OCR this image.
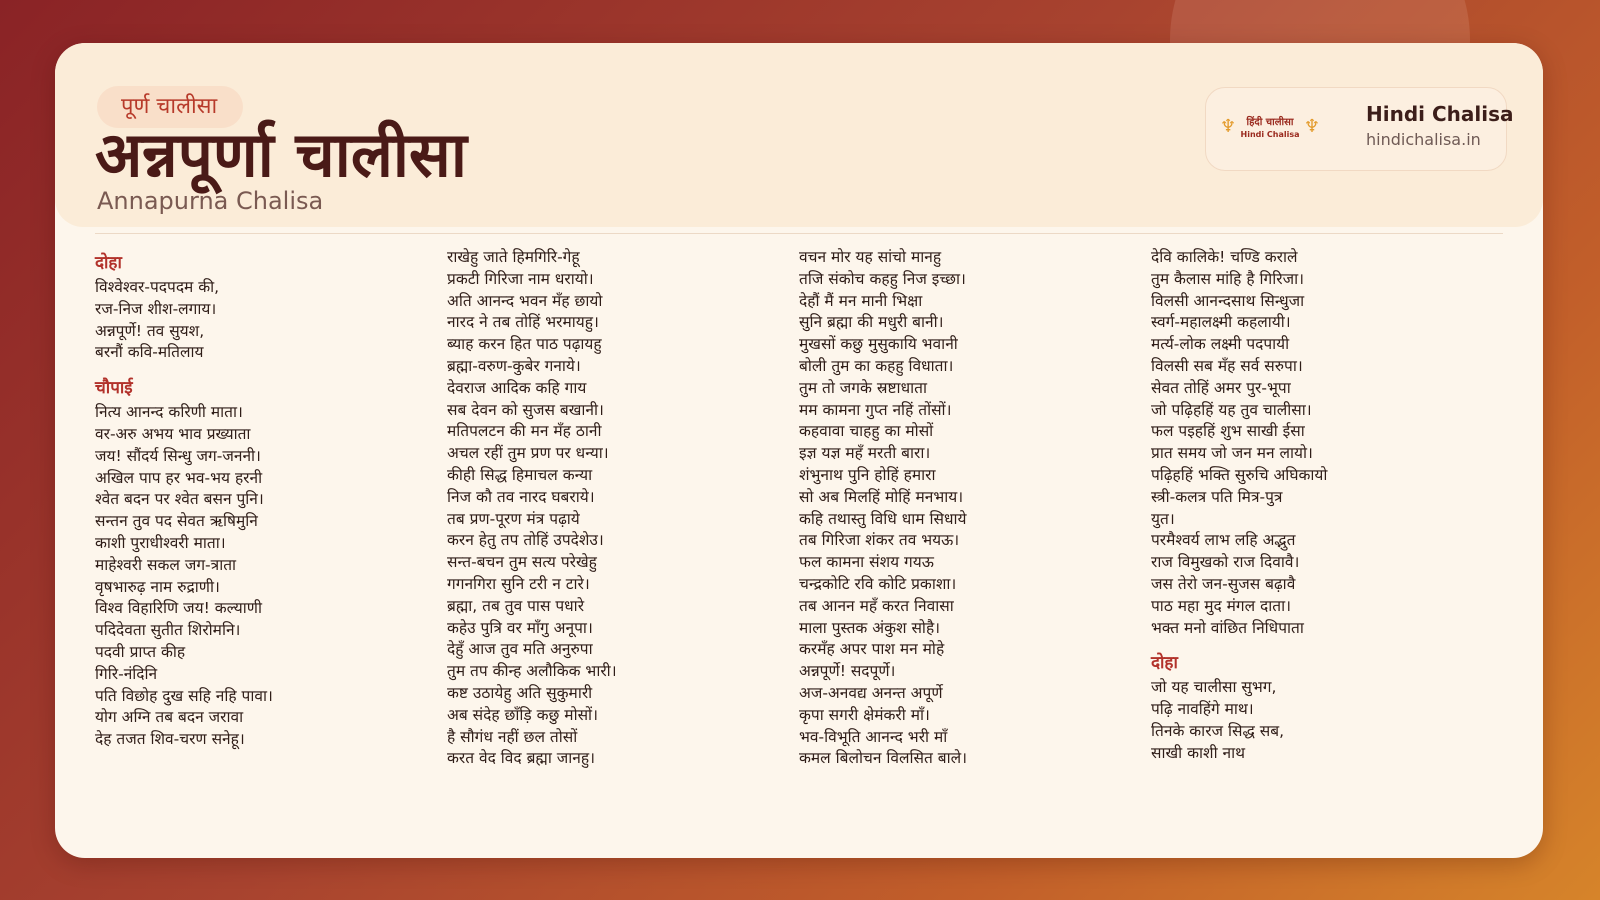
पूर्ण चालीसा
अन्नपूर्णा चालीसा
Annapurna Chalisa
♆	हिंदी चालीसा
Hindi Chalisa ♆
Hindi Chalisa
hindichalisa.in
दोहा
विश्वेश्वर-पदपदम की,
रज-निज शीश-लगाय।
अन्नपूर्णे! तव सुयश,
बरनौं कवि-मतिलाय
चौपाई
नित्य आनन्द करिणी माता।
वर-अरु अभय भाव प्रख्याता
जय! सौंदर्य सिन्धु जग-जननी।
अखिल पाप हर भव-भय हरनी
श्वेत बदन पर श्वेत बसन पुनि।
सन्तन तुव पद सेवत ऋषिमुनि
काशी पुराधीश्वरी माता।
माहेश्वरी सकल जग-त्राता
वृषभारुढ़ नाम रुद्राणी।
विश्व विहारिणि जय! कल्याणी
पदिदेवता सुतीत शिरोमनि।
पदवी प्राप्त कीह
गिरि-नंदिनि
पति विछोह दुख सहि नहि पावा।
योग अग्नि तब बदन जरावा
देह तजत शिव-चरण सनेहू।
राखेहु जाते हिमगिरि-गेहू
प्रकटी गिरिजा नाम धरायो।
अति आनन्द भवन मँह छायो
नारद ने तब तोहिं भरमायहु।
ब्याह करन हित पाठ पढ़ायहु
ब्रह्मा-वरुण-कुबेर गनाये।
देवराज आदिक कहि गाय
सब देवन को सुजस बखानी।
मतिपलटन की मन मँह ठानी
अचल रहीं तुम प्रण पर धन्या।
कीही सिद्ध हिमाचल कन्या
निज कौ तव नारद घबराये।
तब प्रण-पूरण मंत्र पढ़ाये
करन हेतु तप तोहिं उपदेशेउ।
सन्त-बचन तुम सत्य परेखेहु
गगनगिरा सुनि टरी न टारे।
ब्रह्मा, तब तुव पास पधारे
कहेउ पुत्रि वर माँगु अनूपा।
देहुँ आज तुव मति अनुरुपा
तुम तप कीन्ह अलौकिक भारी।
कष्ट उठायेहु अति सुकुमारी
अब संदेह छाँड़ि कछु मोसों।
है सौगंध नहीं छल तोसों
करत वेद विद ब्रह्मा जानहु।
वचन मोर यह सांचो मानहु
तजि संकोच कहहु निज इच्छा।
देहौं मैं मन मानी भिक्षा
सुनि ब्रह्मा की मधुरी बानी।
मुखसों कछु मुसुकायि भवानी
बोली तुम का कहहु विधाता।
तुम तो जगके स्रष्टाधाता
मम कामना गुप्त नहिं तोंसों।
कहवावा चाहहु का मोसों
इज्ञ यज्ञ महँ मरती बारा।
शंभुनाथ पुनि होहिं हमारा
सो अब मिलहिं मोहिं मनभाय।
कहि तथास्तु विधि धाम सिधाये
तब गिरिजा शंकर तव भयऊ।
फल कामना संशय गयऊ
चन्द्रकोटि रवि कोटि प्रकाशा।
तब आनन महँ करत निवासा
माला पुस्तक अंकुश सोहै।
करमँह अपर पाश मन मोहे
अन्नपूर्णे! सदपूर्णे।
अज-अनवद्य अनन्त अपूर्णे
कृपा सगरी क्षेमंकरी माँ।
भव-विभूति आनन्द भरी माँ
कमल बिलोचन विलसित बाले।
देवि कालिके! चण्डि कराले
तुम कैलास मांहि है गिरिजा।
विलसी आनन्दसाथ सिन्धुजा
स्वर्ग-महालक्ष्मी कहलायी।
मर्त्य-लोक लक्ष्मी पदपायी
विलसी सब मँह सर्व सरुपा।
सेवत तोहिं अमर पुर-भूपा
जो पढ़िहहिं यह तुव चालीसा।
फल पइहहिं शुभ साखी ईसा
प्रात समय जो जन मन लायो।
पढ़िहहिं भक्ति सुरुचि अघिकायो
स्त्री-कलत्र पति मित्र-पुत्र
युत।
परमैश्वर्य लाभ लहि अद्भुत
राज विमुखको राज दिवावै।
जस तेरो जन-सुजस बढ़ावै
पाठ महा मुद मंगल दाता।
भक्त मनो वांछित निधिपाता
दोहा
जो यह चालीसा सुभग,
पढ़ि नावहिंगे माथ।
तिनके कारज सिद्ध सब,
साखी काशी नाथ
